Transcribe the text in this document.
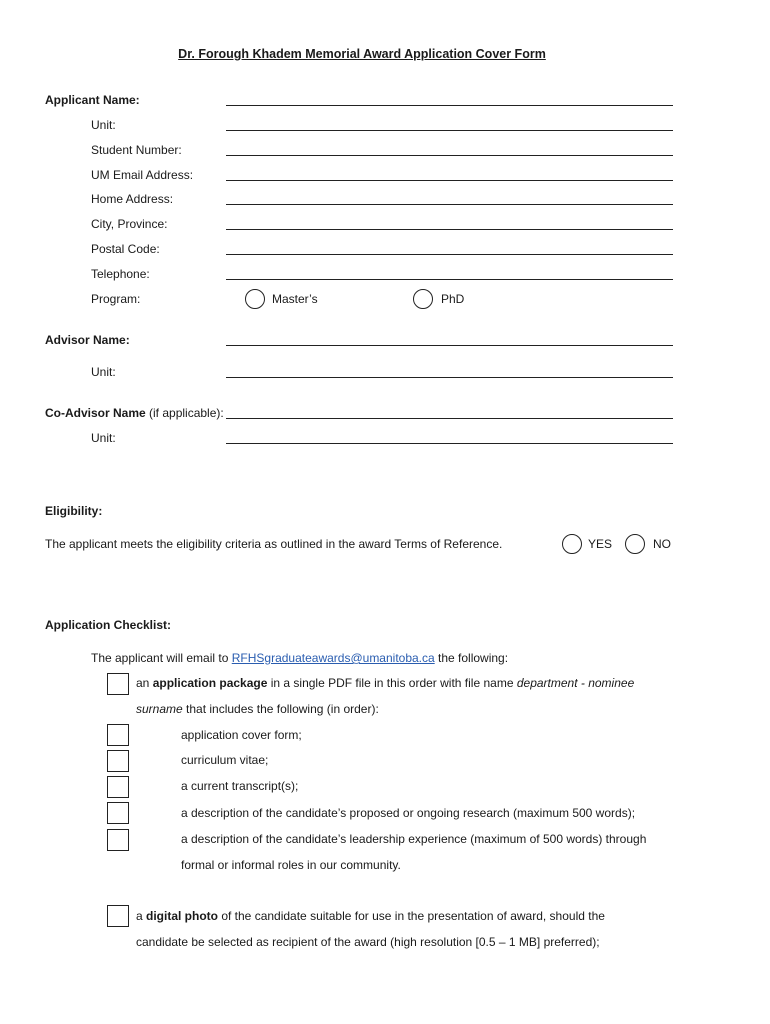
Dr. Forough Khadem Memorial Award Application Cover Form
Applicant Name:
Unit:
Student Number:
UM Email Address:
Home Address:
City, Province:
Postal Code:
Telephone:
Program:	Master’s	PhD
Advisor Name:
Unit:
Co-Advisor Name (if applicable):
Unit:
Eligibility:
The applicant meets the eligibility criteria as outlined in the award Terms of Reference.	YES	NO
Application Checklist:
The applicant will email to RFHSgraduateawards@umanitoba.ca the following:
an application package in a single PDF file in this order with file name department - nominee
surname that includes the following (in order):
application cover form;
curriculum vitae;
a current transcript(s);
a description of the candidate’s proposed or ongoing research (maximum 500 words);
a description of the candidate’s leadership experience (maximum of 500 words) through
formal or informal roles in our community.
a digital photo of the candidate suitable for use in the presentation of award, should the
candidate be selected as recipient of the award (high resolution [0.5 – 1 MB] preferred);
